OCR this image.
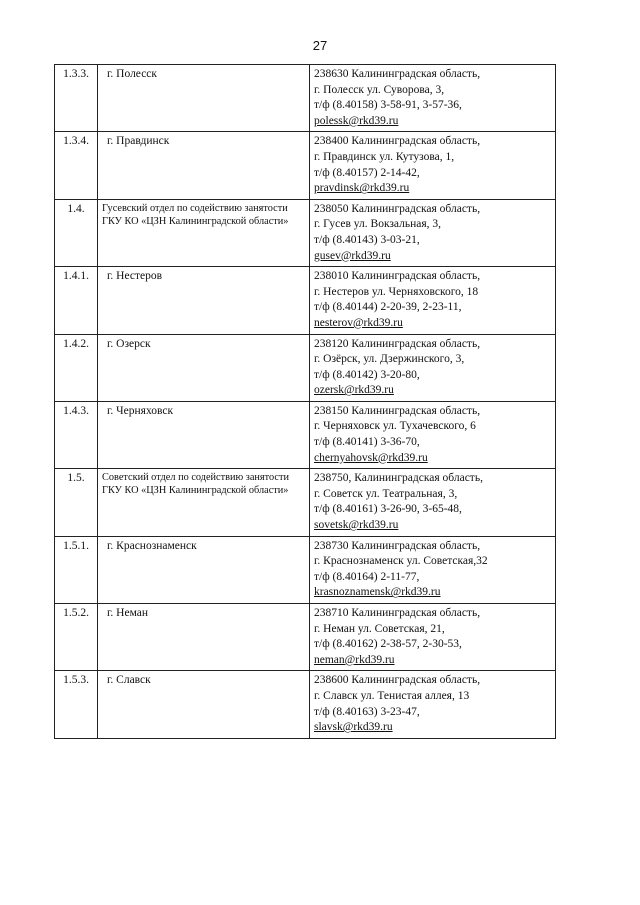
27
1.3.3.	г. Полесск	238630 Калининградская область,
г. Полесск ул. Суворова, 3,
т/ф (8.40158) 3-58-91, 3-57-36,
polessk@rkd39.ru

1.3.4.	г. Правдинск	238400 Калининградская область,
г. Правдинск ул. Кутузова, 1,
т/ф (8.40157) 2-14-42,
pravdinsk@rkd39.ru

1.4.	Гусевский отдел по содействию занятости ГКУ КО «ЦЗН Калининградской области»	238050 Калининградская область,
г. Гусев ул. Вокзальная, 3,
т/ф (8.40143) 3-03-21,
gusev@rkd39.ru

1.4.1.	г. Нестеров	238010 Калининградская область,
г. Нестеров ул. Черняховского, 18
т/ф (8.40144) 2-20-39, 2-23-11,
nesterov@rkd39.ru

1.4.2.	г. Озерск	238120 Калининградская область,
г. Озёрск, ул. Дзержинского, 3,
т/ф (8.40142) 3-20-80,
ozersk@rkd39.ru

1.4.3.	г. Черняховск	238150 Калининградская область,
г. Черняховск ул. Тухачевского, 6
т/ф (8.40141) 3-36-70,
chernyahovsk@rkd39.ru

1.5.	Советский отдел по содействию занятости ГКУ КО «ЦЗН Калининградской области»	238750, Калининградская область,
г. Советск ул. Театральная, 3,
т/ф (8.40161) 3-26-90, 3-65-48,
sovetsk@rkd39.ru

1.5.1.	г. Краснознаменск	238730 Калининградская область,
г. Краснознаменск ул. Советская,32
т/ф (8.40164) 2-11-77,
krasnoznamensk@rkd39.ru

1.5.2.	г. Неман	238710 Калининградская область,
г. Неман ул. Советская, 21,
т/ф (8.40162) 2-38-57, 2-30-53,
neman@rkd39.ru

1.5.3.	г. Славск	238600 Калининградская область,
г. Славск ул. Тенистая аллея, 13
т/ф (8.40163) 3-23-47,
slavsk@rkd39.ru
